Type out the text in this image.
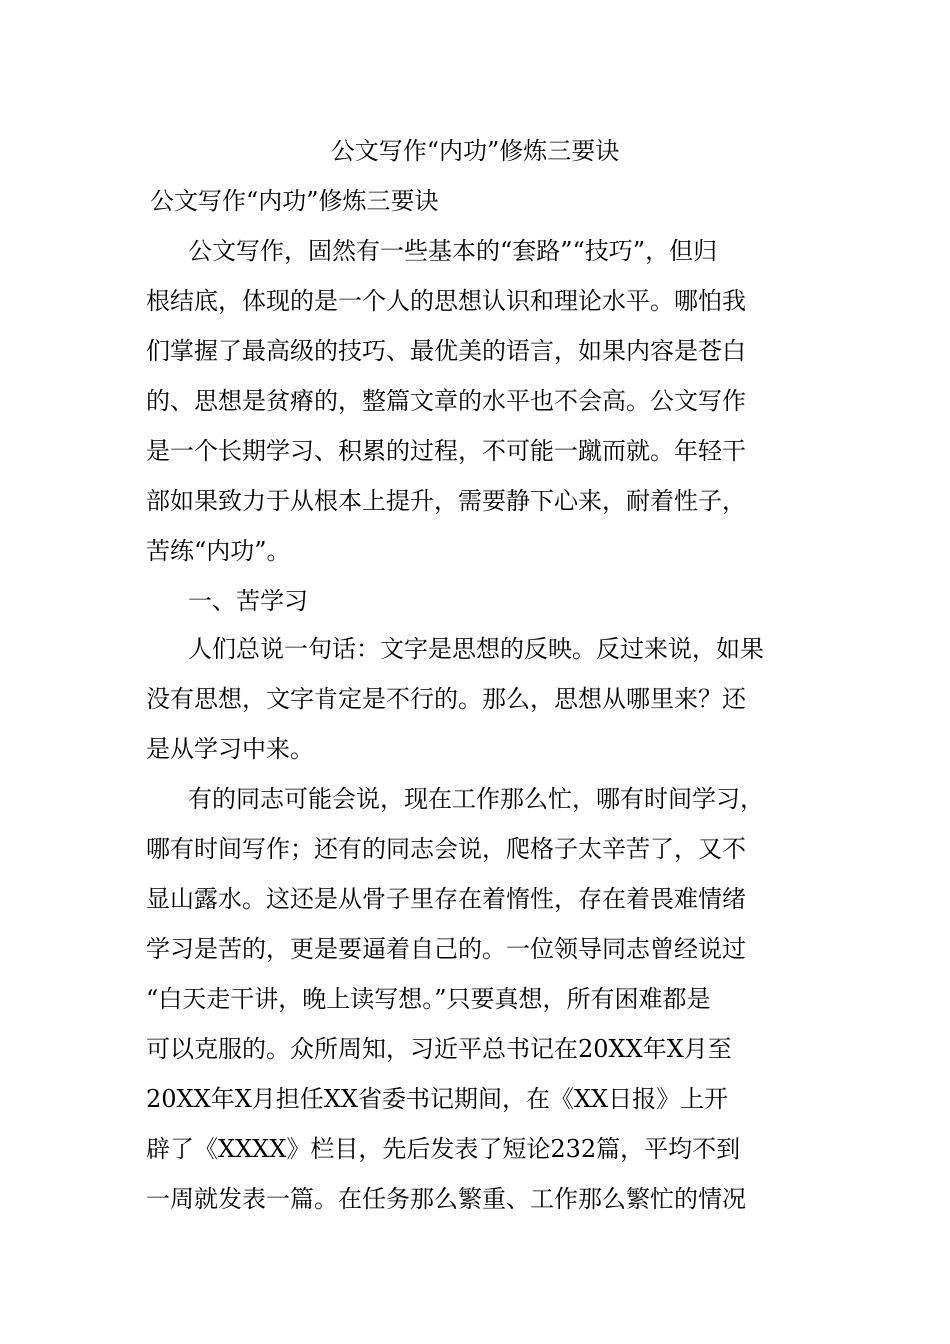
公文写作“内功”修炼三要诀
公文写作“内功”修炼三要诀
公文写作，固然有一些基本的“套路”“技巧”，但归
根结底，体现的是一个人的思想认识和理论水平。哪怕我
们掌握了最高级的技巧、最优美的语言，如果内容是苍白
的、思想是贫瘠的，整篇文章的水平也不会高。公文写作
是一个长期学习、积累的过程，不可能一蹴而就。年轻干
部如果致力于从根本上提升，需要静下心来，耐着性子，
苦练“内功”。
一、苦学习
人们总说一句话：文字是思想的反映。反过来说，如果
没有思想，文字肯定是不行的。那么，思想从哪里来？还
是从学习中来。
有的同志可能会说，现在工作那么忙，哪有时间学习，
哪有时间写作；还有的同志会说，爬格子太辛苦了，又不
显山露水。这还是从骨子里存在着惰性，存在着畏难情绪
学习是苦的，更是要逼着自己的。一位领导同志曾经说过
“白天走干讲，晚上读写想。”只要真想，所有困难都是
可以克服的。众所周知，习近平总书记在20XX年X月至
20XX年X月担任XX省委书记期间，在《XX日报》上开
辟了《XXXX》栏目，先后发表了短论232篇，平均不到
一周就发表一篇。在任务那么繁重、工作那么繁忙的情况
